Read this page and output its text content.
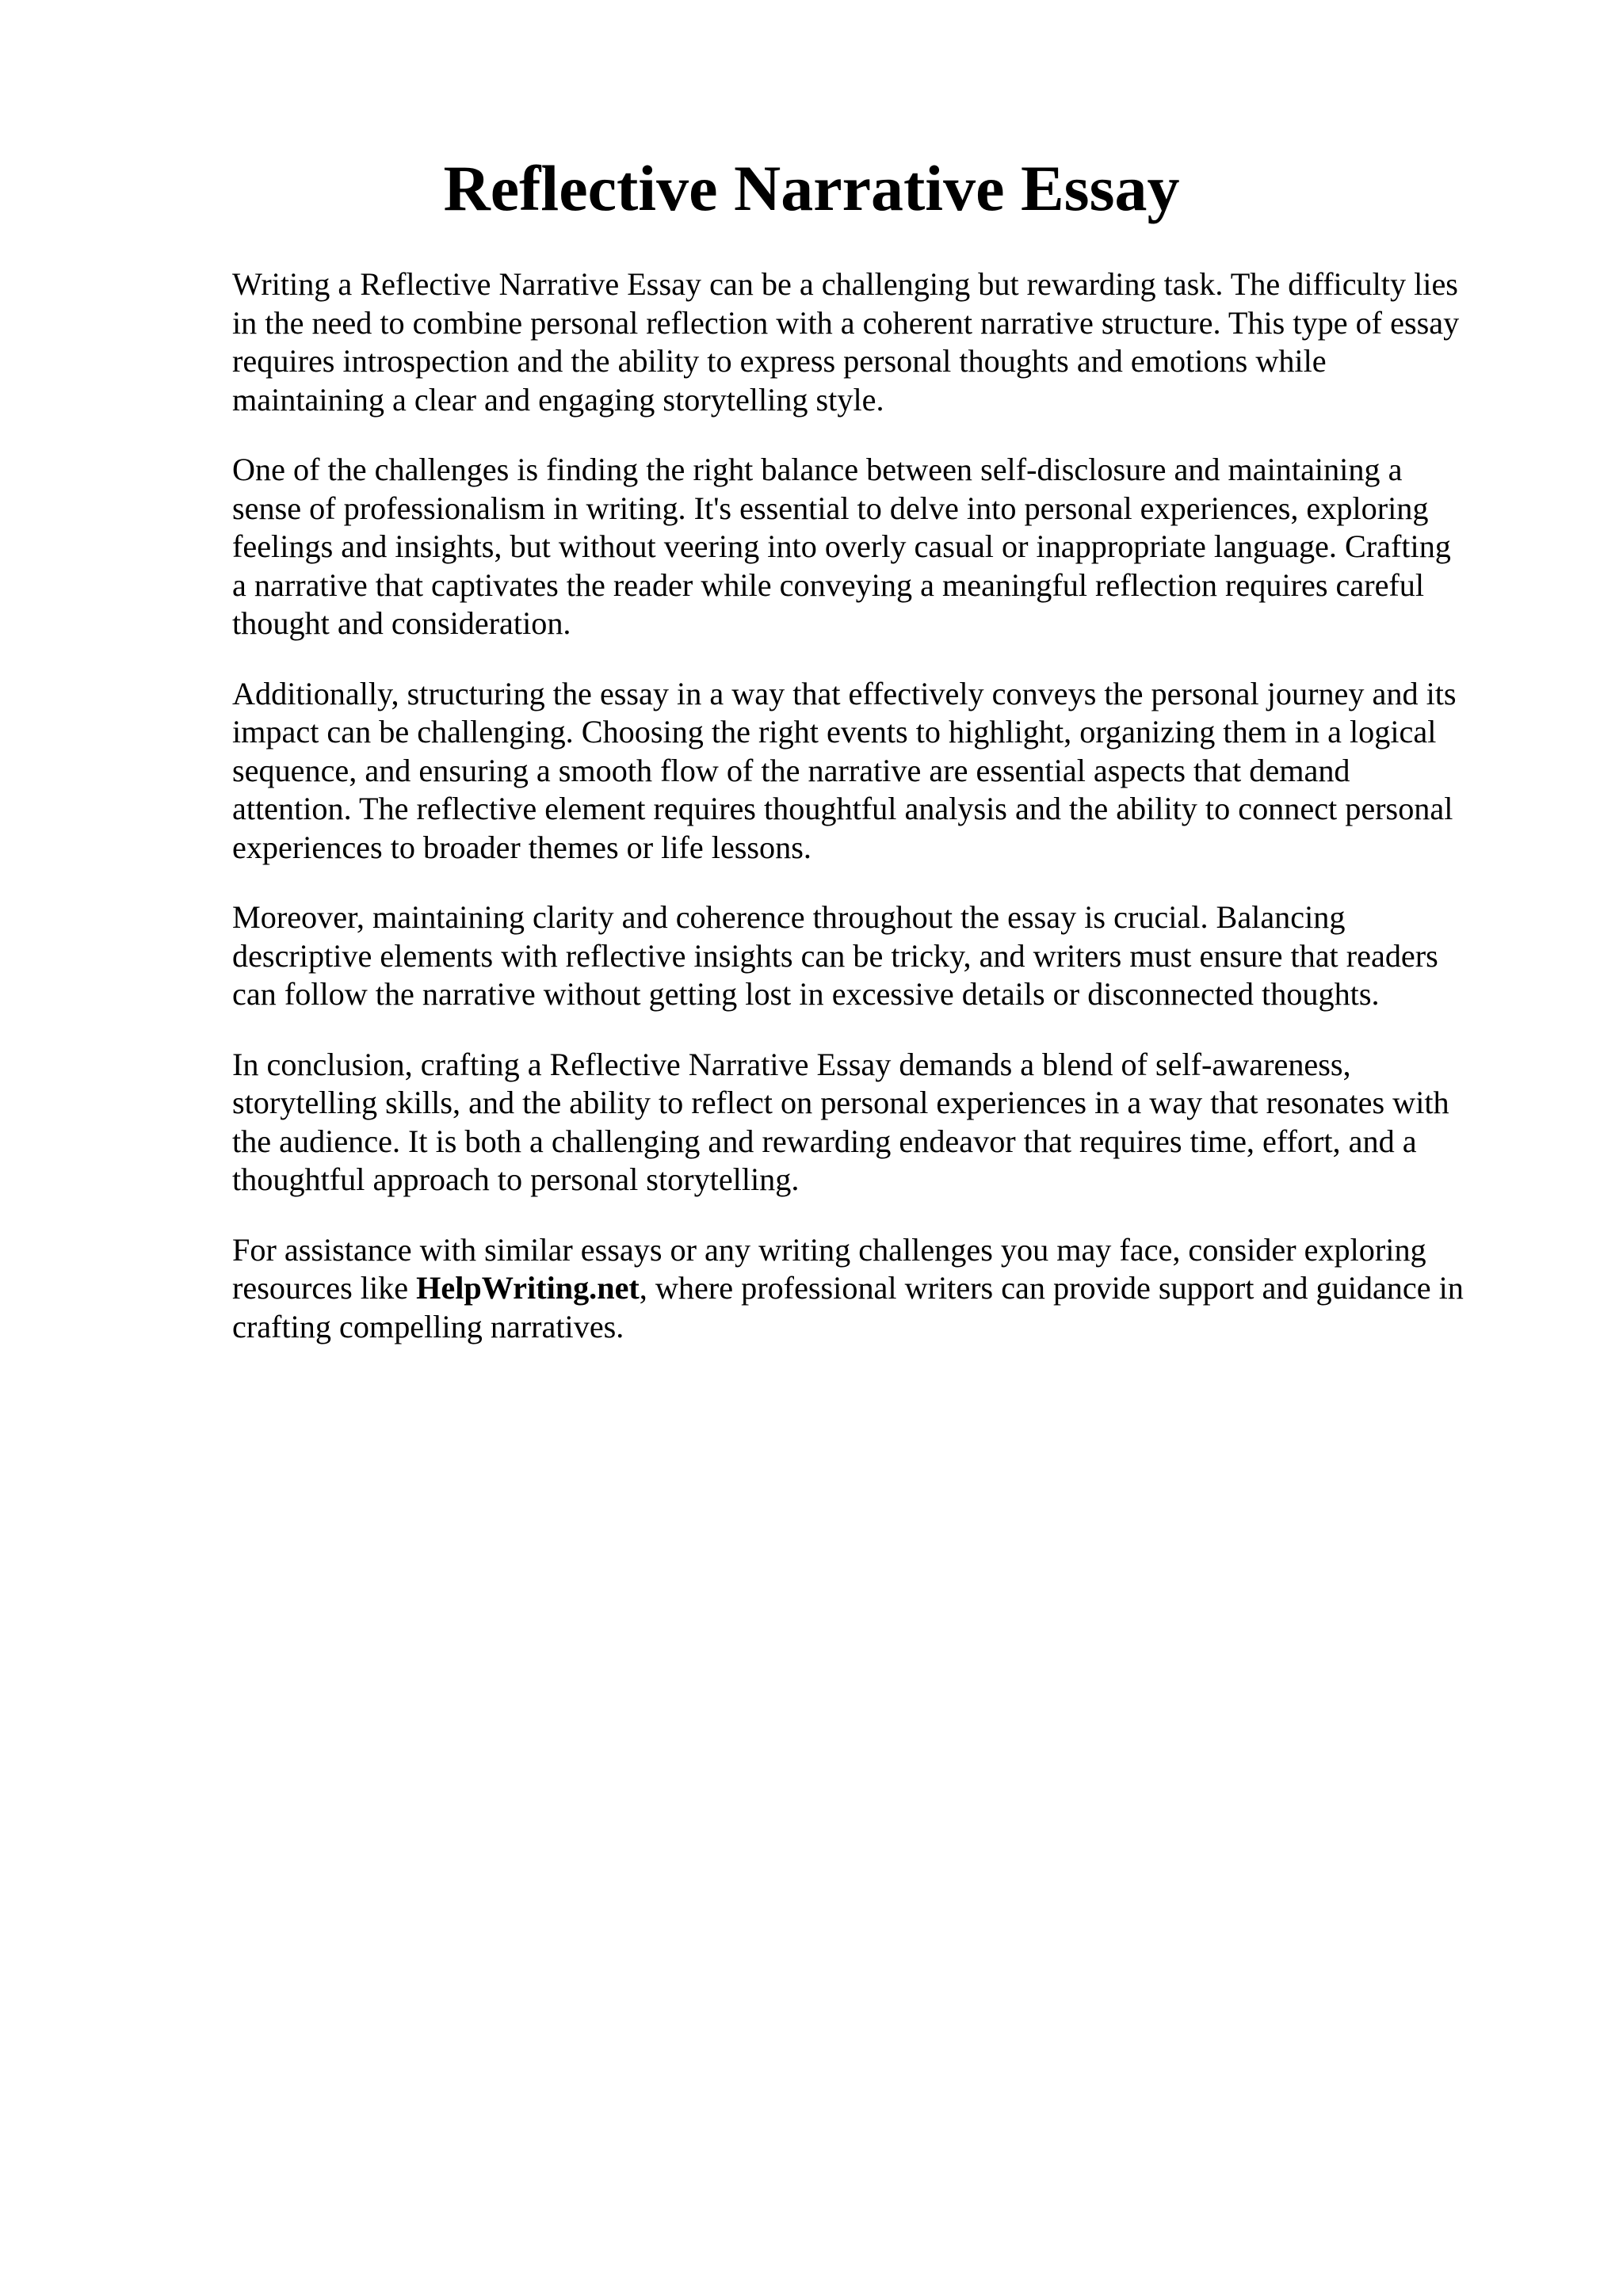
Reflective Narrative Essay

Writing a Reflective Narrative Essay can be a challenging but rewarding task. The difficulty lies
in the need to combine personal reflection with a coherent narrative structure. This type of essay
requires introspection and the ability to express personal thoughts and emotions while
maintaining a clear and engaging storytelling style.

One of the challenges is finding the right balance between self-disclosure and maintaining a
sense of professionalism in writing. It's essential to delve into personal experiences, exploring
feelings and insights, but without veering into overly casual or inappropriate language. Crafting
a narrative that captivates the reader while conveying a meaningful reflection requires careful
thought and consideration.

Additionally, structuring the essay in a way that effectively conveys the personal journey and its
impact can be challenging. Choosing the right events to highlight, organizing them in a logical
sequence, and ensuring a smooth flow of the narrative are essential aspects that demand
attention. The reflective element requires thoughtful analysis and the ability to connect personal
experiences to broader themes or life lessons.

Moreover, maintaining clarity and coherence throughout the essay is crucial. Balancing
descriptive elements with reflective insights can be tricky, and writers must ensure that readers
can follow the narrative without getting lost in excessive details or disconnected thoughts.

In conclusion, crafting a Reflective Narrative Essay demands a blend of self-awareness,
storytelling skills, and the ability to reflect on personal experiences in a way that resonates with
the audience. It is both a challenging and rewarding endeavor that requires time, effort, and a
thoughtful approach to personal storytelling.

For assistance with similar essays or any writing challenges you may face, consider exploring
resources like HelpWriting.net, where professional writers can provide support and guidance in
crafting compelling narratives.
